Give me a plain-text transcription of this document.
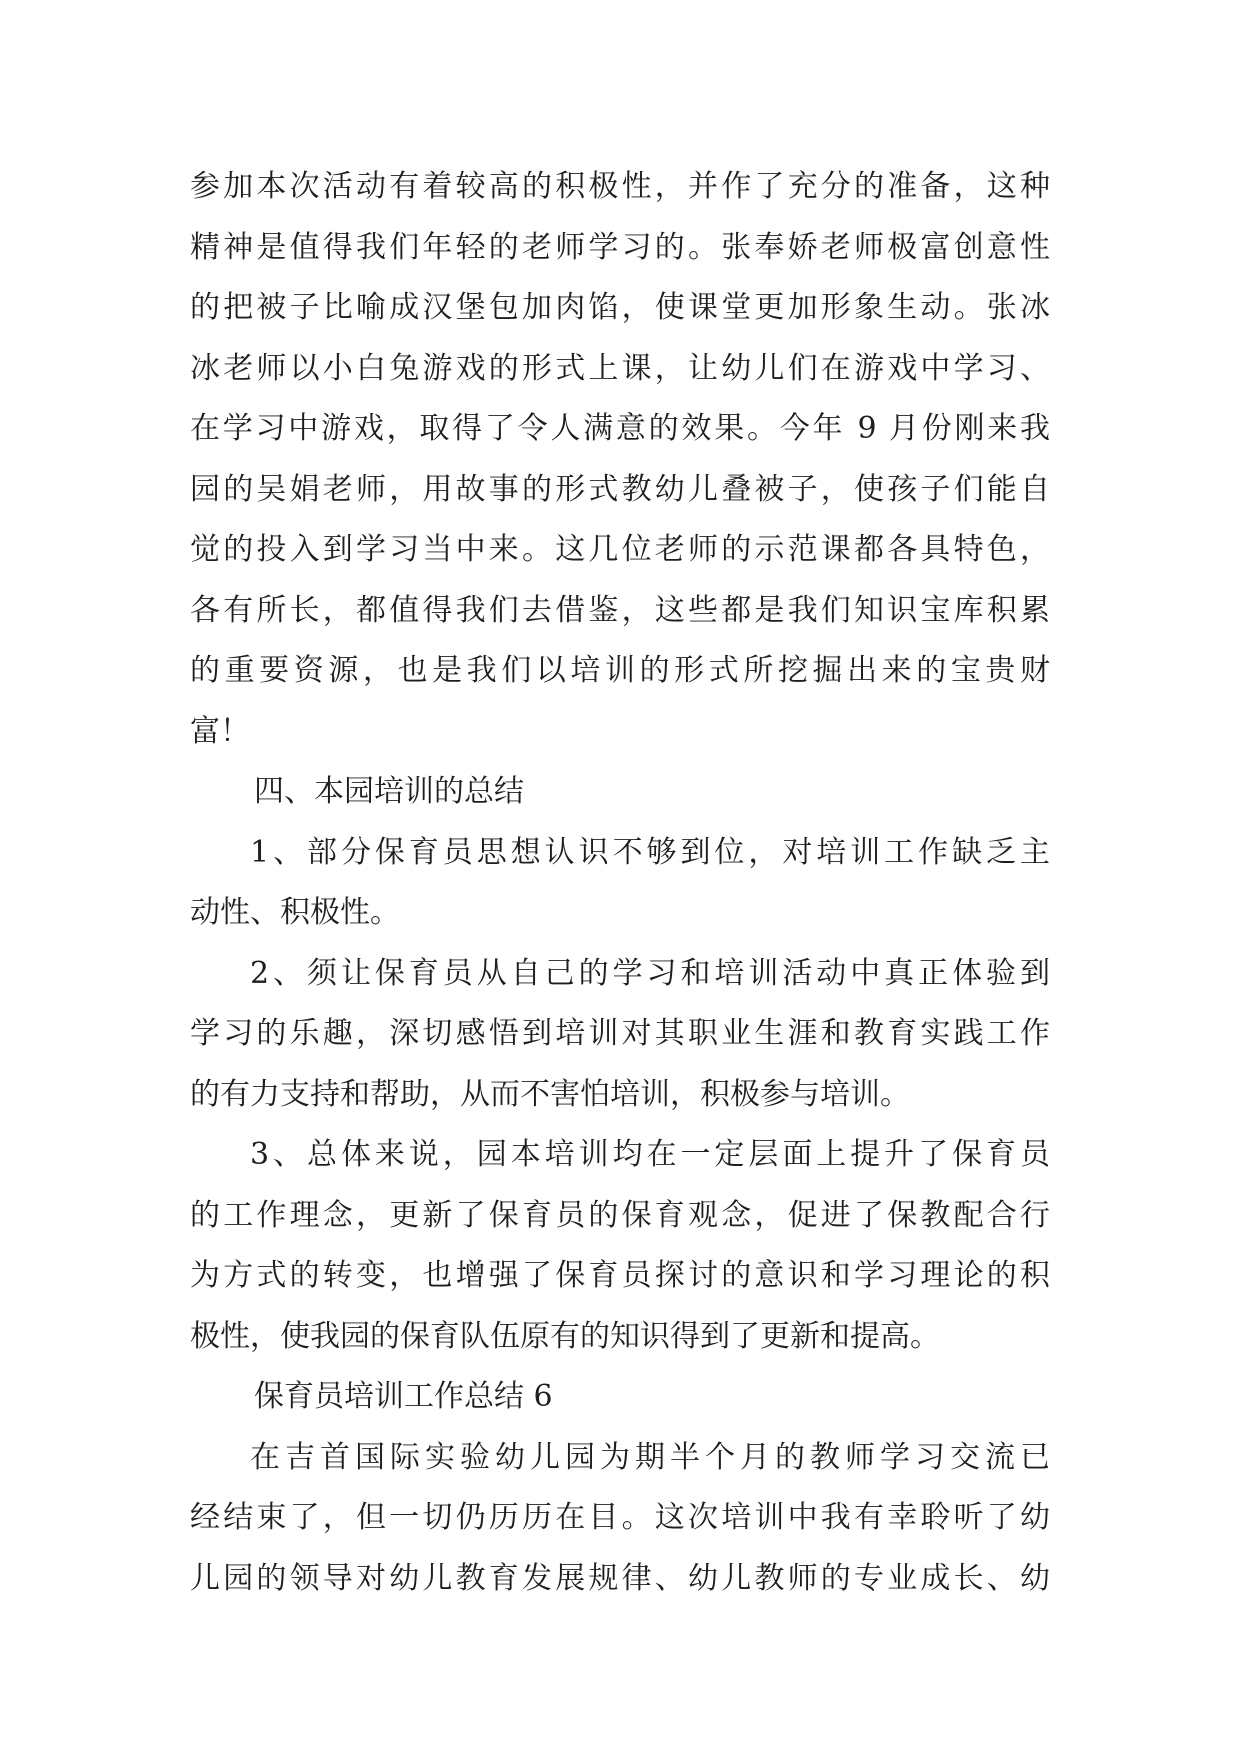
参加本次活动有着较高的积极性，并作了充分的准备，这种
精神是值得我们年轻的老师学习的。张奉娇老师极富创意性
的把被子比喻成汉堡包加肉馅，使课堂更加形象生动。张冰
冰老师以小白兔游戏的形式上课，让幼儿们在游戏中学习、
在学习中游戏，取得了令人满意的效果。今年 9 月份刚来我
园的吴娟老师，用故事的形式教幼儿叠被子，使孩子们能自
觉的投入到学习当中来。这几位老师的示范课都各具特色，
各有所长，都值得我们去借鉴，这些都是我们知识宝库积累
的重要资源，也是我们以培训的形式所挖掘出来的宝贵财
富！
四、本园培训的总结
1、部分保育员思想认识不够到位，对培训工作缺乏主
动性、积极性。
2、须让保育员从自己的学习和培训活动中真正体验到
学习的乐趣，深切感悟到培训对其职业生涯和教育实践工作
的有力支持和帮助，从而不害怕培训，积极参与培训。
3、总体来说，园本培训均在一定层面上提升了保育员
的工作理念，更新了保育员的保育观念，促进了保教配合行
为方式的转变，也增强了保育员探讨的意识和学习理论的积
极性，使我园的保育队伍原有的知识得到了更新和提高。
保育员培训工作总结 6
在吉首国际实验幼儿园为期半个月的教师学习交流已
经结束了，但一切仍历历在目。这次培训中我有幸聆听了幼
儿园的领导对幼儿教育发展规律、幼儿教师的专业成长、幼
